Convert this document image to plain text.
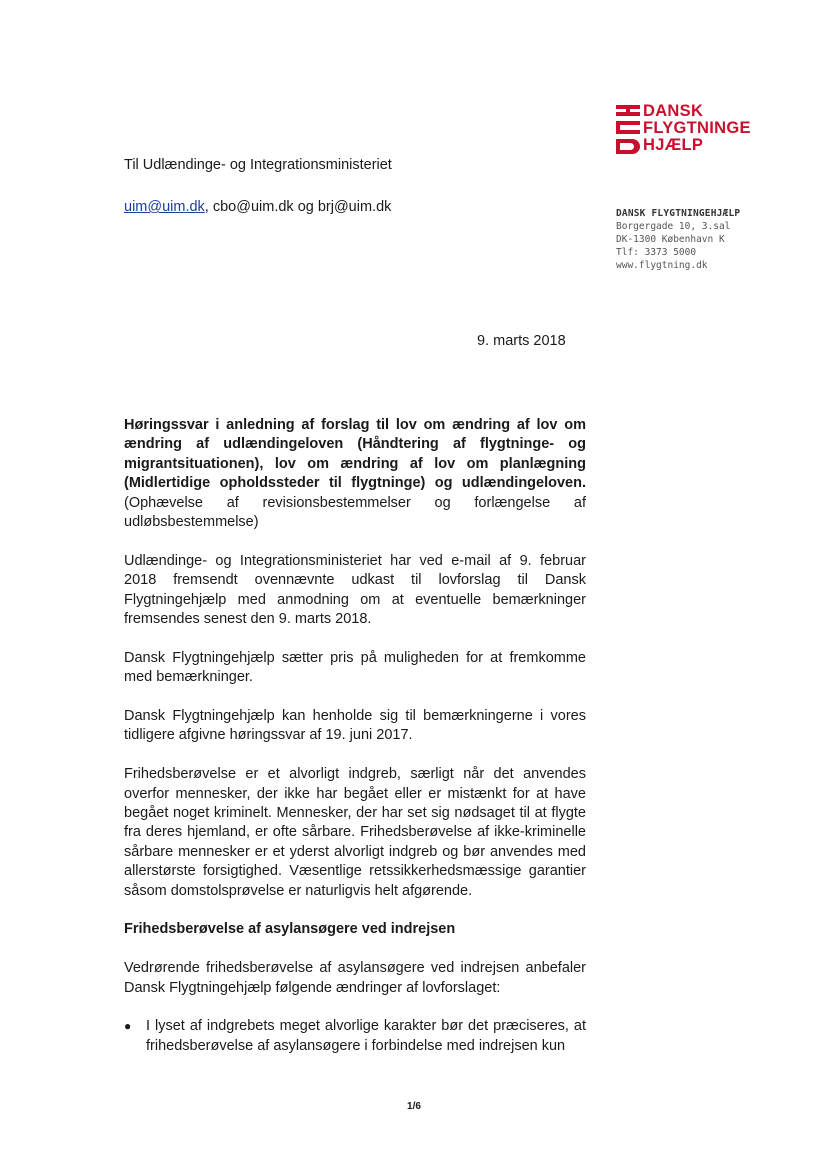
DANSK
FLYGTNINGE
HJÆLP
DANSK FLYGTNINGEHJÆLP
Borgergade 10, 3.sal
DK-1300 København K
Tlf: 3373 5000
www.flygtning.dk
Til Udlændinge- og Integrationsministeriet
uim@uim.dk, cbo@uim.dk og brj@uim.dk
9. marts 2018

Høringssvar i anledning af forslag til lov om ændring af lov om ændring af udlændingeloven (Håndtering af flygtninge- og migrantsituationen), lov om ændring af lov om planlægning (Midlertidige opholdssteder til flygtninge) og udlændingeloven. (Ophævelse af revisionsbestemmelser og forlængelse af udløbsbestemmelse)

Udlændinge- og Integrationsministeriet har ved e-mail af 9. februar 2018 fremsendt ovennævnte udkast til lovforslag til Dansk Flygtningehjælp med anmodning om at eventuelle bemærkninger fremsendes senest den 9. marts 2018.

Dansk Flygtningehjælp sætter pris på muligheden for at fremkomme med bemærkninger.

Dansk Flygtningehjælp kan henholde sig til bemærkningerne i vores tidligere afgivne høringssvar af 19. juni 2017.

Frihedsberøvelse er et alvorligt indgreb, særligt når det anvendes overfor mennesker, der ikke har begået eller er mistænkt for at have begået noget kriminelt. Mennesker, der har set sig nødsaget til at flygte fra deres hjemland, er ofte sårbare. Frihedsberøvelse af ikke-kriminelle sårbare mennesker er et yderst alvorligt indgreb og bør anvendes med allerstørste forsigtighed. Væsentlige retssikkerhedsmæssige garantier såsom domstolsprøvelse er naturligvis helt afgørende.

Frihedsberøvelse af asylansøgere ved indrejsen

Vedrørende frihedsberøvelse af asylansøgere ved indrejsen anbefaler Dansk Flygtningehjælp følgende ændringer af lovforslaget:

●	I lyset af indgrebets meget alvorlige karakter bør det præciseres, at frihedsberøvelse af asylansøgere i forbindelse med indrejsen kun
1/6
